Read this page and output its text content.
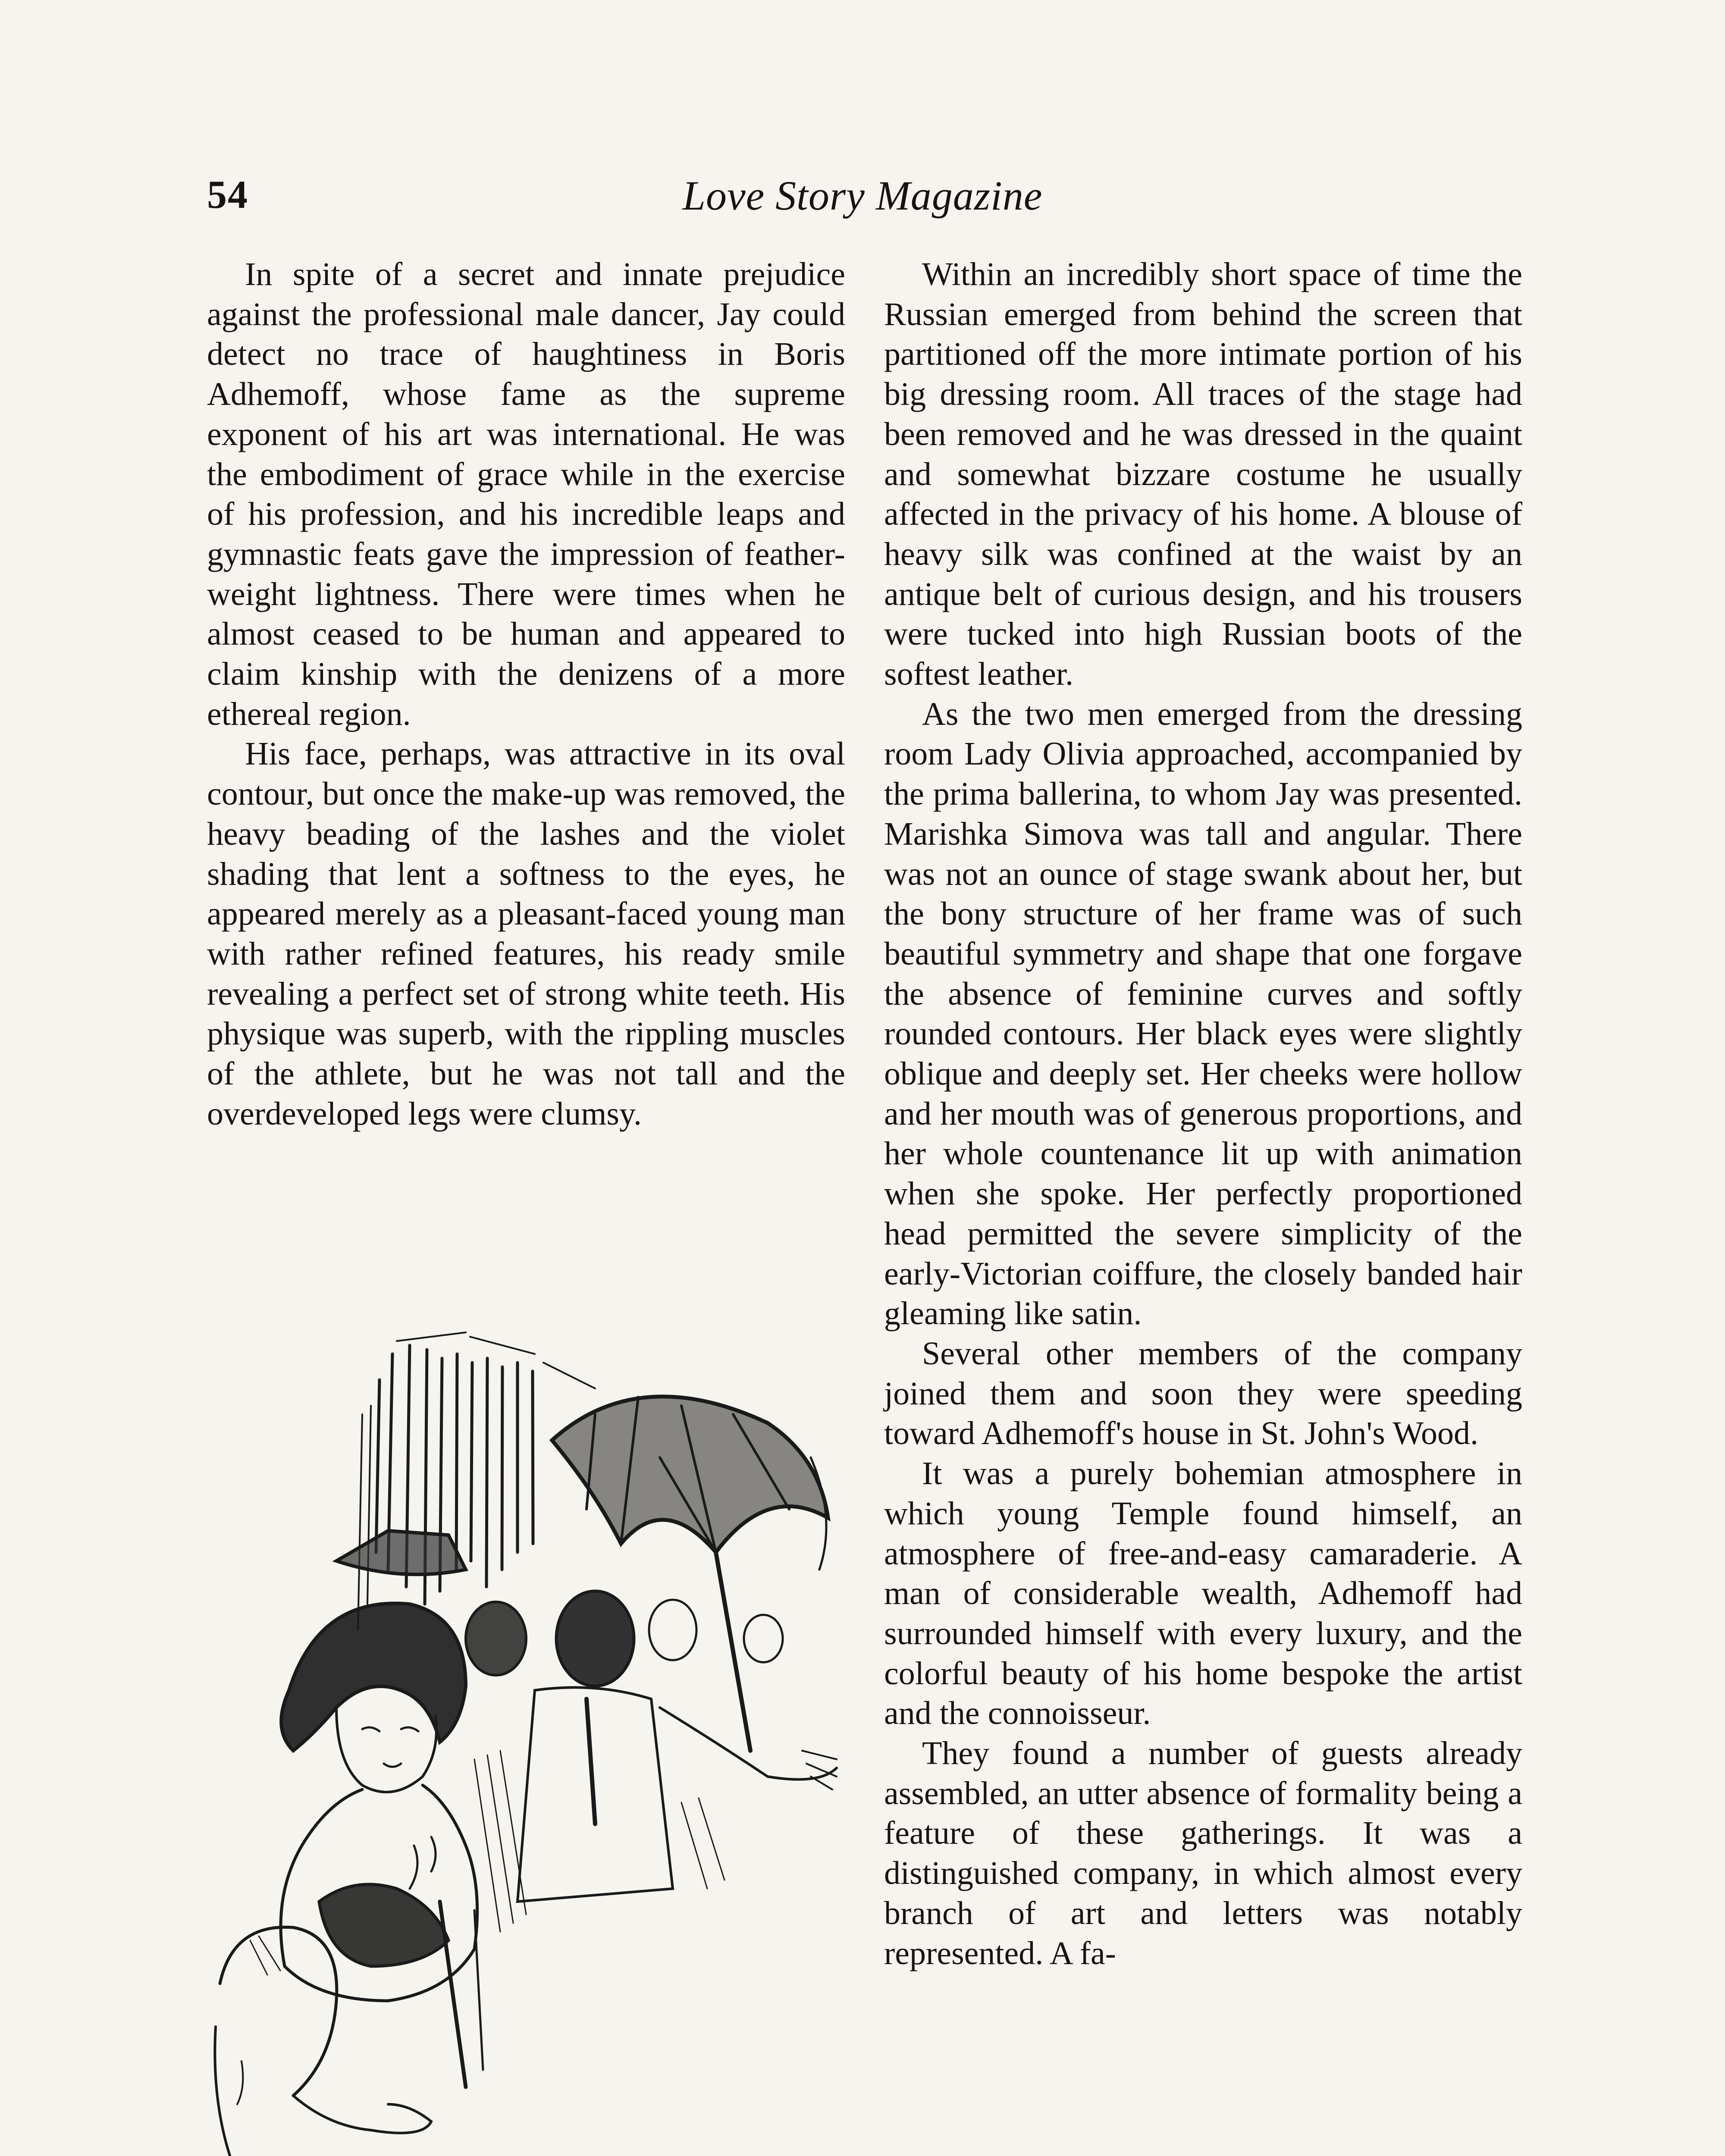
54	Love Story Magazine

In spite of a secret and innate prejudice against the professional male dancer, Jay could detect no trace of haughtiness in Boris Adhemoff, whose fame as the supreme exponent of his art was international. He was the embodiment of grace while in the exercise of his profession, and his incredible leaps and gymnastic feats gave the impression of feather-weight lightness. There were times when he almost ceased to be human and appeared to claim kinship with the denizens of a more ethereal region.

His face, perhaps, was attractive in its oval contour, but once the make-up was removed, the heavy beading of the lashes and the violet shading that lent a softness to the eyes, he appeared merely as a pleasant-faced young man with rather refined features, his ready smile revealing a perfect set of strong white teeth. His physique was superb, with the rippling muscles of the athlete, but he was not tall and the overdeveloped legs were clumsy.

Within an incredibly short space of time the Russian emerged from behind the screen that partitioned off the more intimate portion of his big dressing room. All traces of the stage had been removed and he was dressed in the quaint and somewhat bizzare costume he usually affected in the privacy of his home. A blouse of heavy silk was confined at the waist by an antique belt of curious design, and his trousers were tucked into high Russian boots of the softest leather.

As the two men emerged from the dressing room Lady Olivia approached, accompanied by the prima ballerina, to whom Jay was presented. Marishka Simova was tall and angular. There was not an ounce of stage swank about her, but the bony structure of her frame was of such beautiful symmetry and shape that one forgave the absence of feminine curves and softly rounded contours. Her black eyes were slightly oblique and deeply set. Her cheeks were hollow and her mouth was of generous proportions, and her whole countenance lit up with animation when she spoke. Her perfectly proportioned head permitted the severe simplicity of the early-Victorian coiffure, the closely banded hair gleaming like satin.

Several other members of the company joined them and soon they were speeding toward Adhemoff's house in St. John's Wood.

It was a purely bohemian atmosphere in which young Temple found himself, an atmosphere of free-and-easy camaraderie. A man of considerable wealth, Adhemoff had surrounded himself with every luxury, and the colorful beauty of his home bespoke the artist and the connoisseur.

They found a number of guests already assembled, an utter absence of formality being a feature of these gatherings. It was a distinguished company, in which almost every branch of art and letters was notably represented. A fa-
